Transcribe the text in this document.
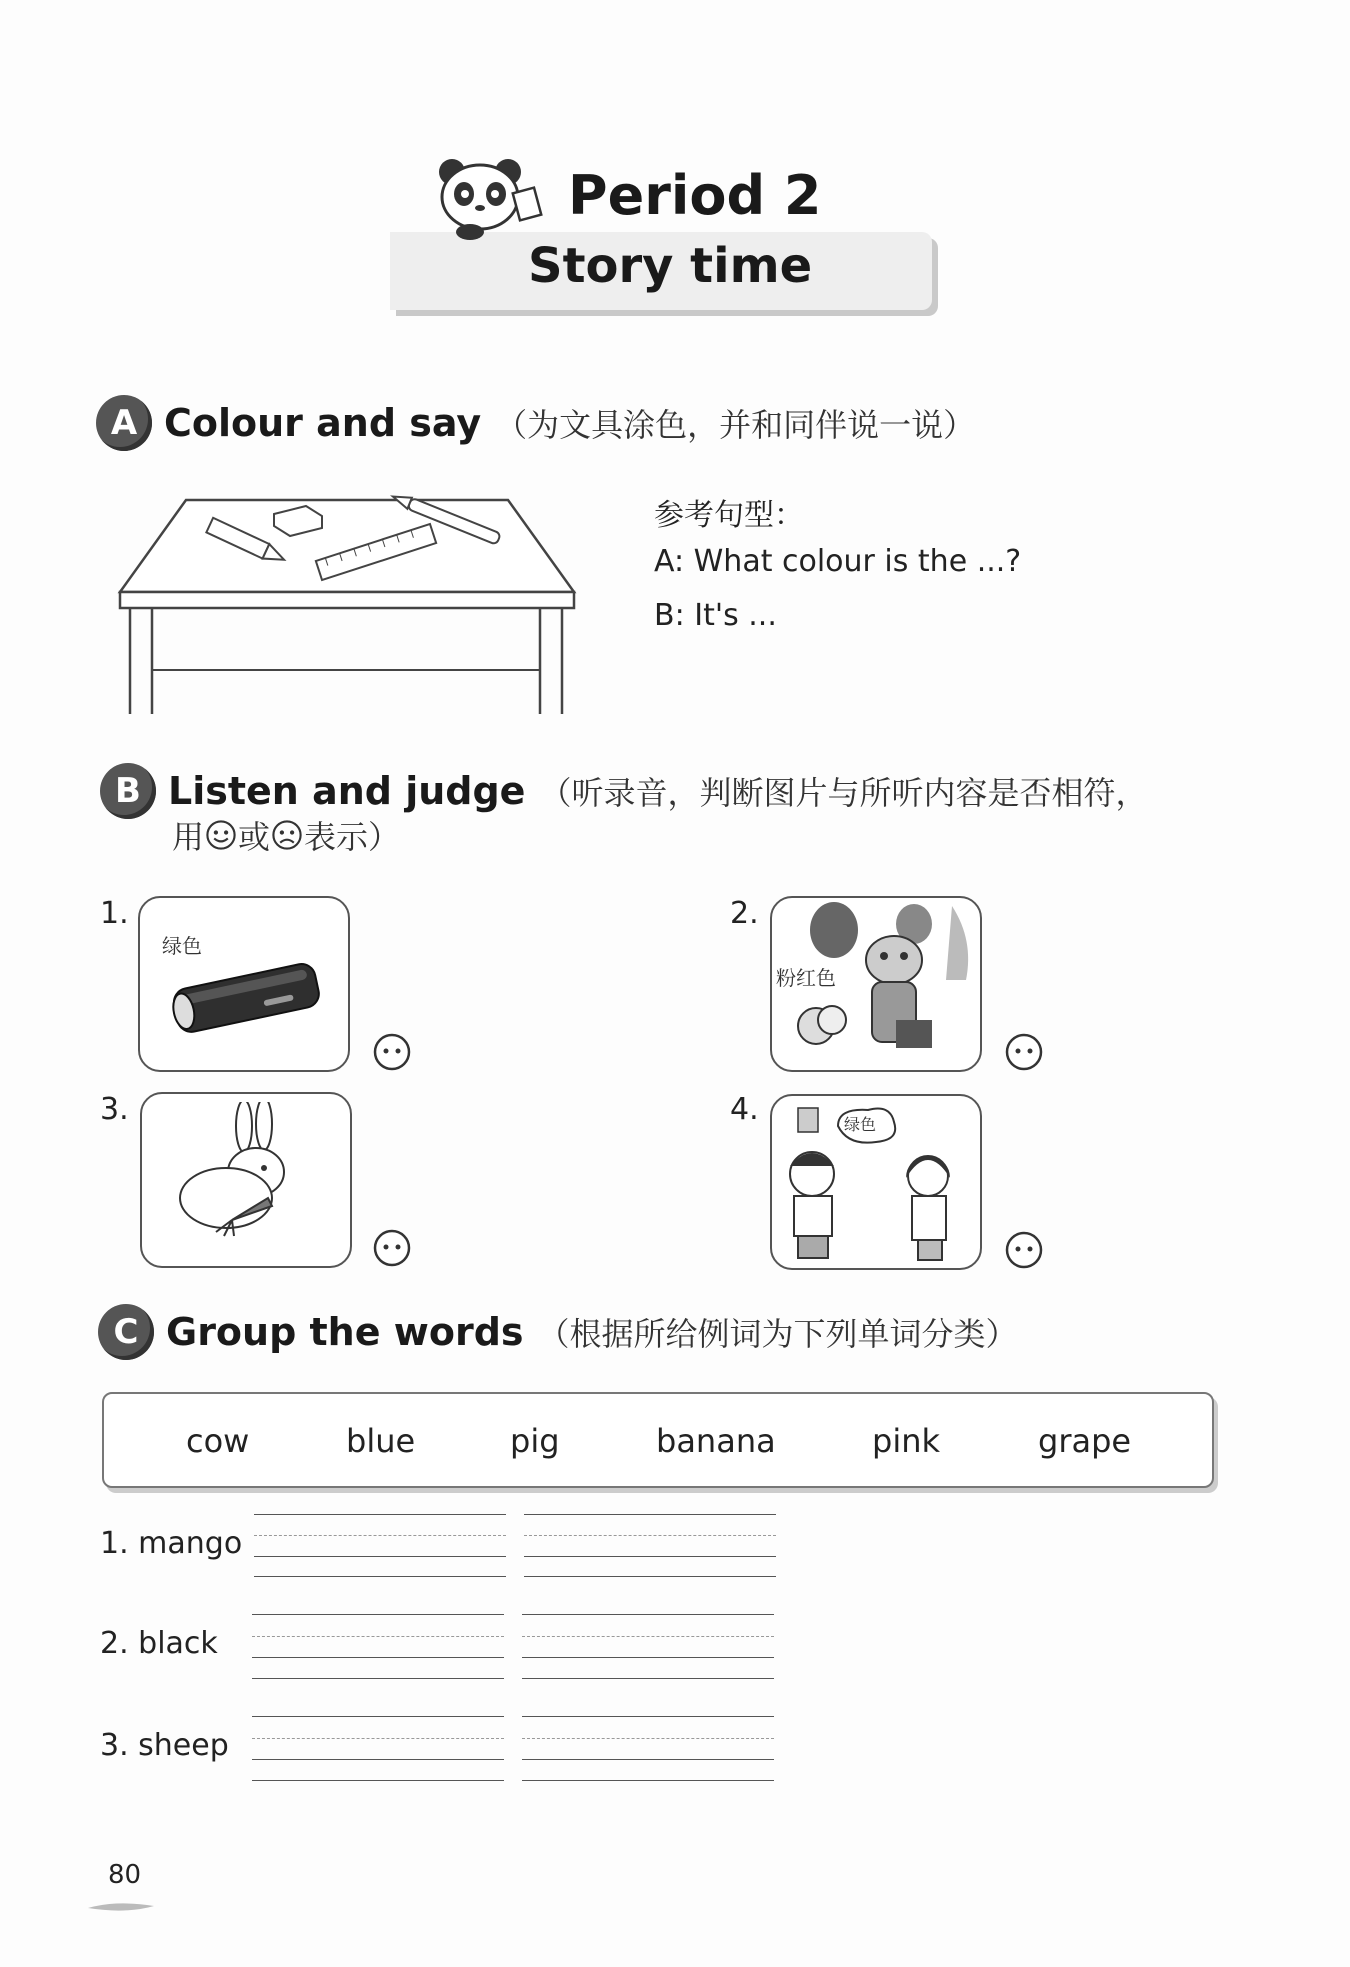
Period 2
Story time
A Colour and say （为文具涂色，并和同伴说一说）
参考句型：
A: What colour is the ...?
B: It's ...
B Listen and judge （听录音，判断图片与所听内容是否相符，
用 或 表示）
1.
绿色
2.
粉红色
3.	4.	绿色
C Group the words （根据所给例词为下列单词分类）
cow	blue	pig	banana	pink	grape
1. mango
2. black
3. sheep
80
